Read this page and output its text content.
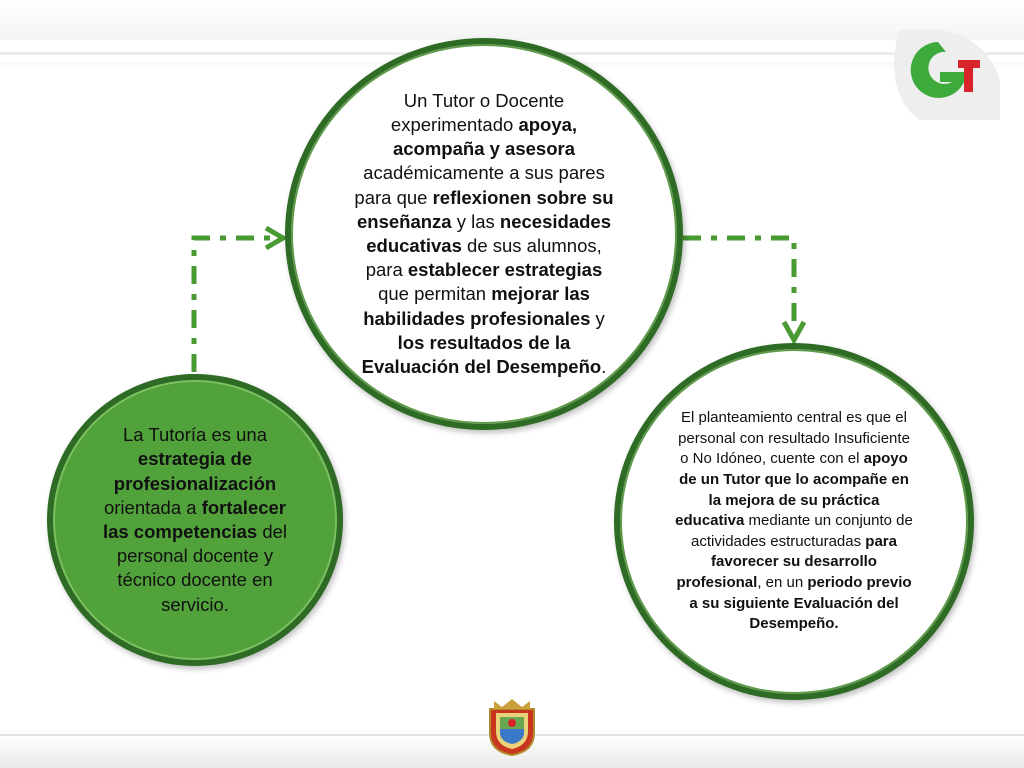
Un Tutor o Docente experimentado apoya, acompaña y asesora académicamente a sus pares para que reflexionen sobre su enseñanza y las necesidades educativas de sus alumnos, para establecer estrategias que permitan mejorar las habilidades profesionales y los resultados de la Evaluación del Desempeño.

La Tutoría es una estrategia de profesionalización orientada a fortalecer las competencias del personal docente y técnico docente en servicio.

El planteamiento central es que el personal con resultado Insuficiente o No Idóneo, cuente con el apoyo de un Tutor que lo acompañe en la mejora de su práctica educativa mediante un conjunto de actividades estructuradas para favorecer su desarrollo profesional, en un periodo previo a su siguiente Evaluación del Desempeño.
